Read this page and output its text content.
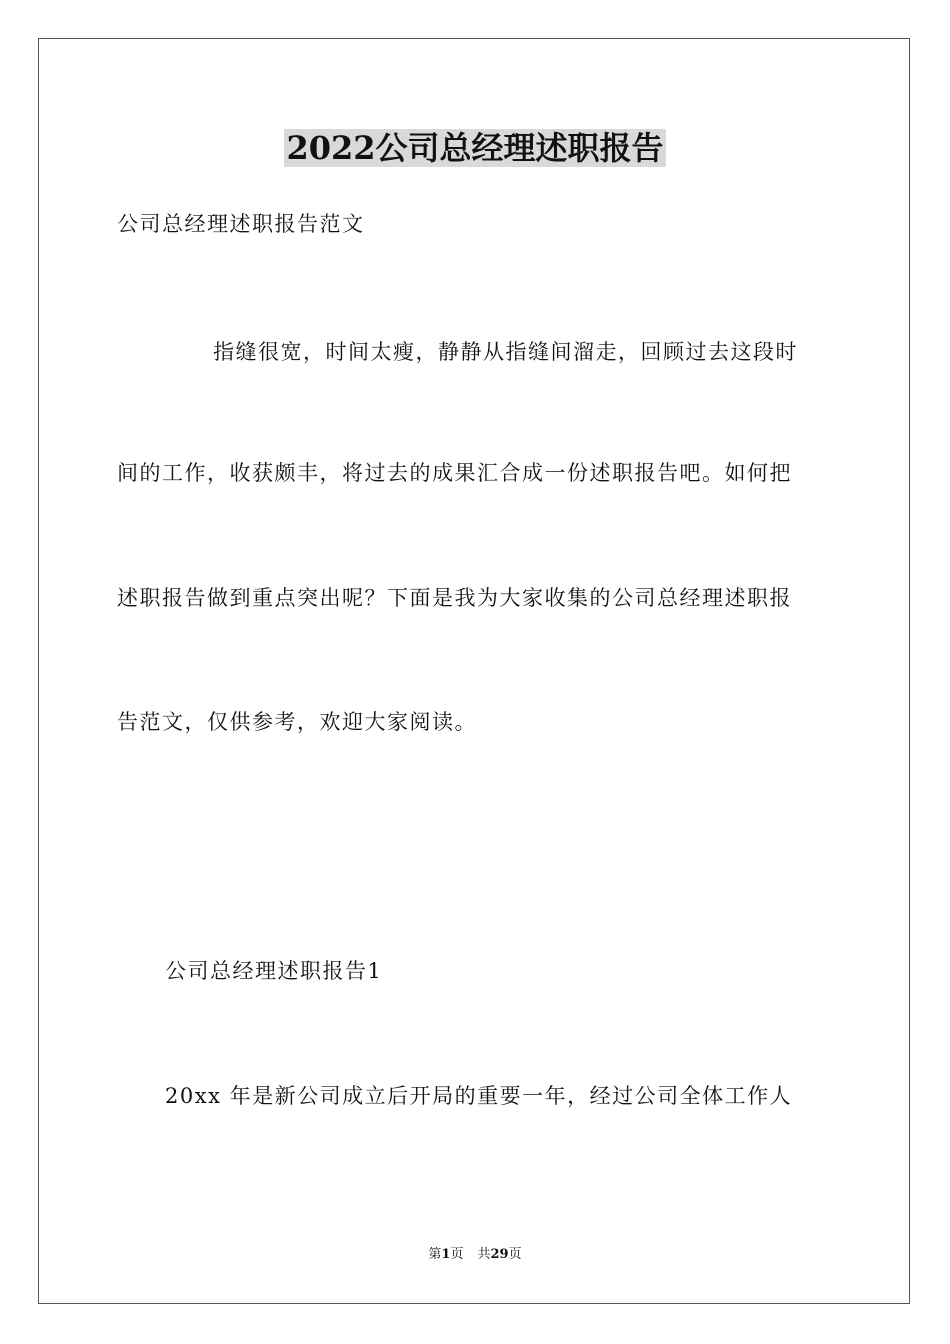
2022公司总经理述职报告
公司总经理述职报告范文
指缝很宽，时间太瘦，静静从指缝间溜走，回顾过去这段时
间的工作，收获颇丰，将过去的成果汇合成一份述职报告吧。如何把
述职报告做到重点突出呢？下面是我为大家收集的公司总经理述职报
告范文，仅供参考，欢迎大家阅读。
公司总经理述职报告1
20xx 年是新公司成立后开局的重要一年，经过公司全体工作人
第1页 共29页
